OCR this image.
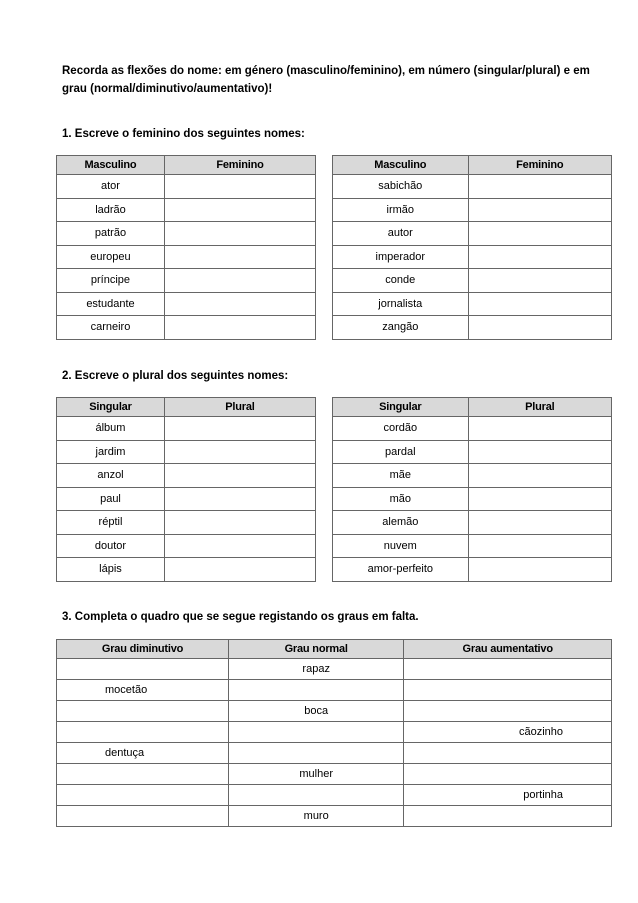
Recorda as flexões do nome: em género (masculino/feminino), em número (singular/plural) e em grau (normal/diminutivo/aumentativo)!
1. Escreve o feminino dos seguintes nomes:
Masculino	Feminino
ator	
ladrão	
patrão	
europeu	
príncipe	
estudante	
carneiro	
Masculino	Feminino
sabichão	
irmão	
autor	
imperador	
conde	
jornalista	
zangão	
2. Escreve o plural dos seguintes nomes:
Singular	Plural
álbum	
jardim	
anzol	
paul	
réptil	
doutor	
lápis	
Singular	Plural
cordão	
pardal	
mãe	
mão	
alemão	
nuvem	
amor-perfeito	
3. Completa o quadro que se segue registando os graus em falta.
Grau diminutivo	Grau normal	Grau aumentativo
	rapaz	
mocetão		
	boca	
		cãozinho
dentuça		
	mulher	
		portinha
	muro	
